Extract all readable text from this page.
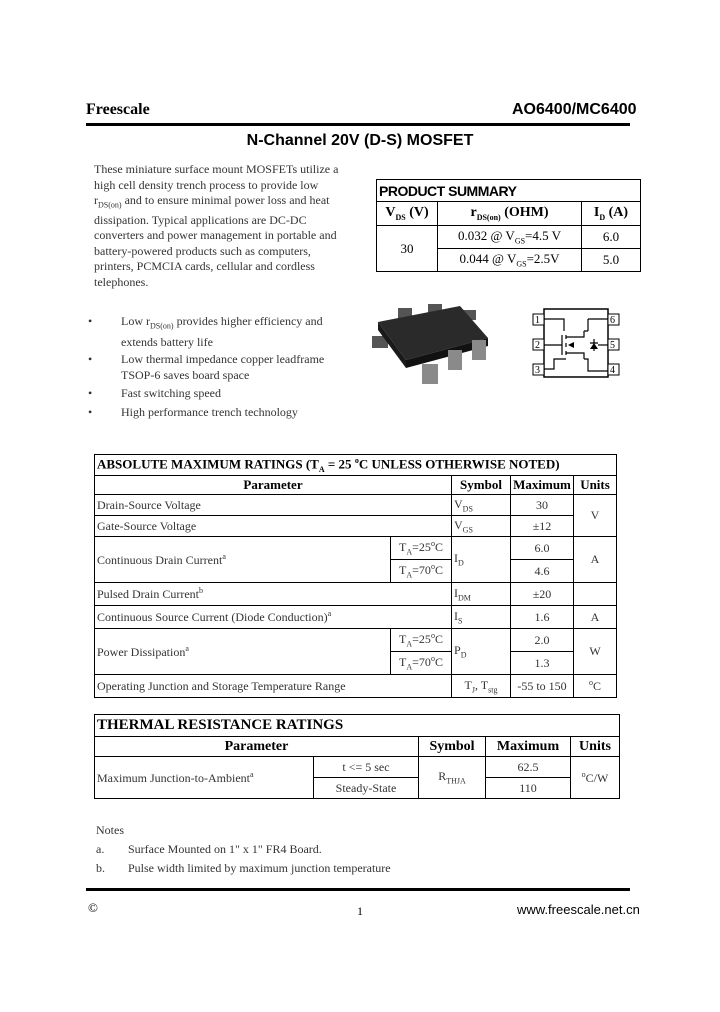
Freescale	AO6400/MC6400
N-Channel 20V (D-S) MOSFET
These miniature surface mount MOSFETs utilize a
high cell density trench process to provide low
$r_{DS(on)}$ and to ensure minimal power loss and heat
dissipation. Typical applications are DC-DC
converters and power management in portable and
battery-powered products such as computers,
printers, PCMCIA cards, cellular and cordless
telephones.
PRODUCT SUMMARY		
$V_{DS}$ (V)	$r_{DS(on)}$ (OHM)	$I_D$ (A)
30	0.032 @ $V_{GS}=4.5$ V	6.0
	0.044 @ $V_{GS}=2.5V$	5.0
1
2
3	4
5
6
• Low $r_{DS(on)}$ provides higher efficiency and
extends battery life
• Low thermal impedance copper leadframe
TSOP-6 saves board space
• Fast switching speed
• High performance trench technology
ABSOLUTE MAXIMUM RATINGS ($T_A = 25$ $^o$C UNLESS OTHERWISE NOTED)				
Parameter		Symbol	Maximum	Units
Drain-Source Voltage		$V_{DS}$	30	V
Gate-Source Voltage		$V_{GS}$	±12	
Continuous Drain Current$^a$	$T_A=25^oC$	$I_D$	6.0	A
	$T_A=70^oC$		4.6	
Pulsed Drain Current$^b$		$I_{DM}$	±20	
Continuous Source Current (Diode Conduction)$^a$		$I_S$	1.6	A
Power Dissipation$^a$	$T_A=25^oC$	$P_D$	2.0	W
	$T_A=70^oC$		1.3	
Operating Junction and Storage Temperature Range		$T_J$, $T_{stg}$	-55 to 150	$^o$C
THERMAL RESISTANCE RATINGS				
Parameter		Symbol	Maximum	Units
Maximum Junction-to-Ambient$^a$	t <= 5 sec	$R_{THJA}$	62.5	$^o$C/W
	Steady-State		110	
Notes
a. Surface Mounted on 1" x 1" FR4 Board.
b. Pulse width limited by maximum junction temperature
©	1	www.freescale.net.cn
